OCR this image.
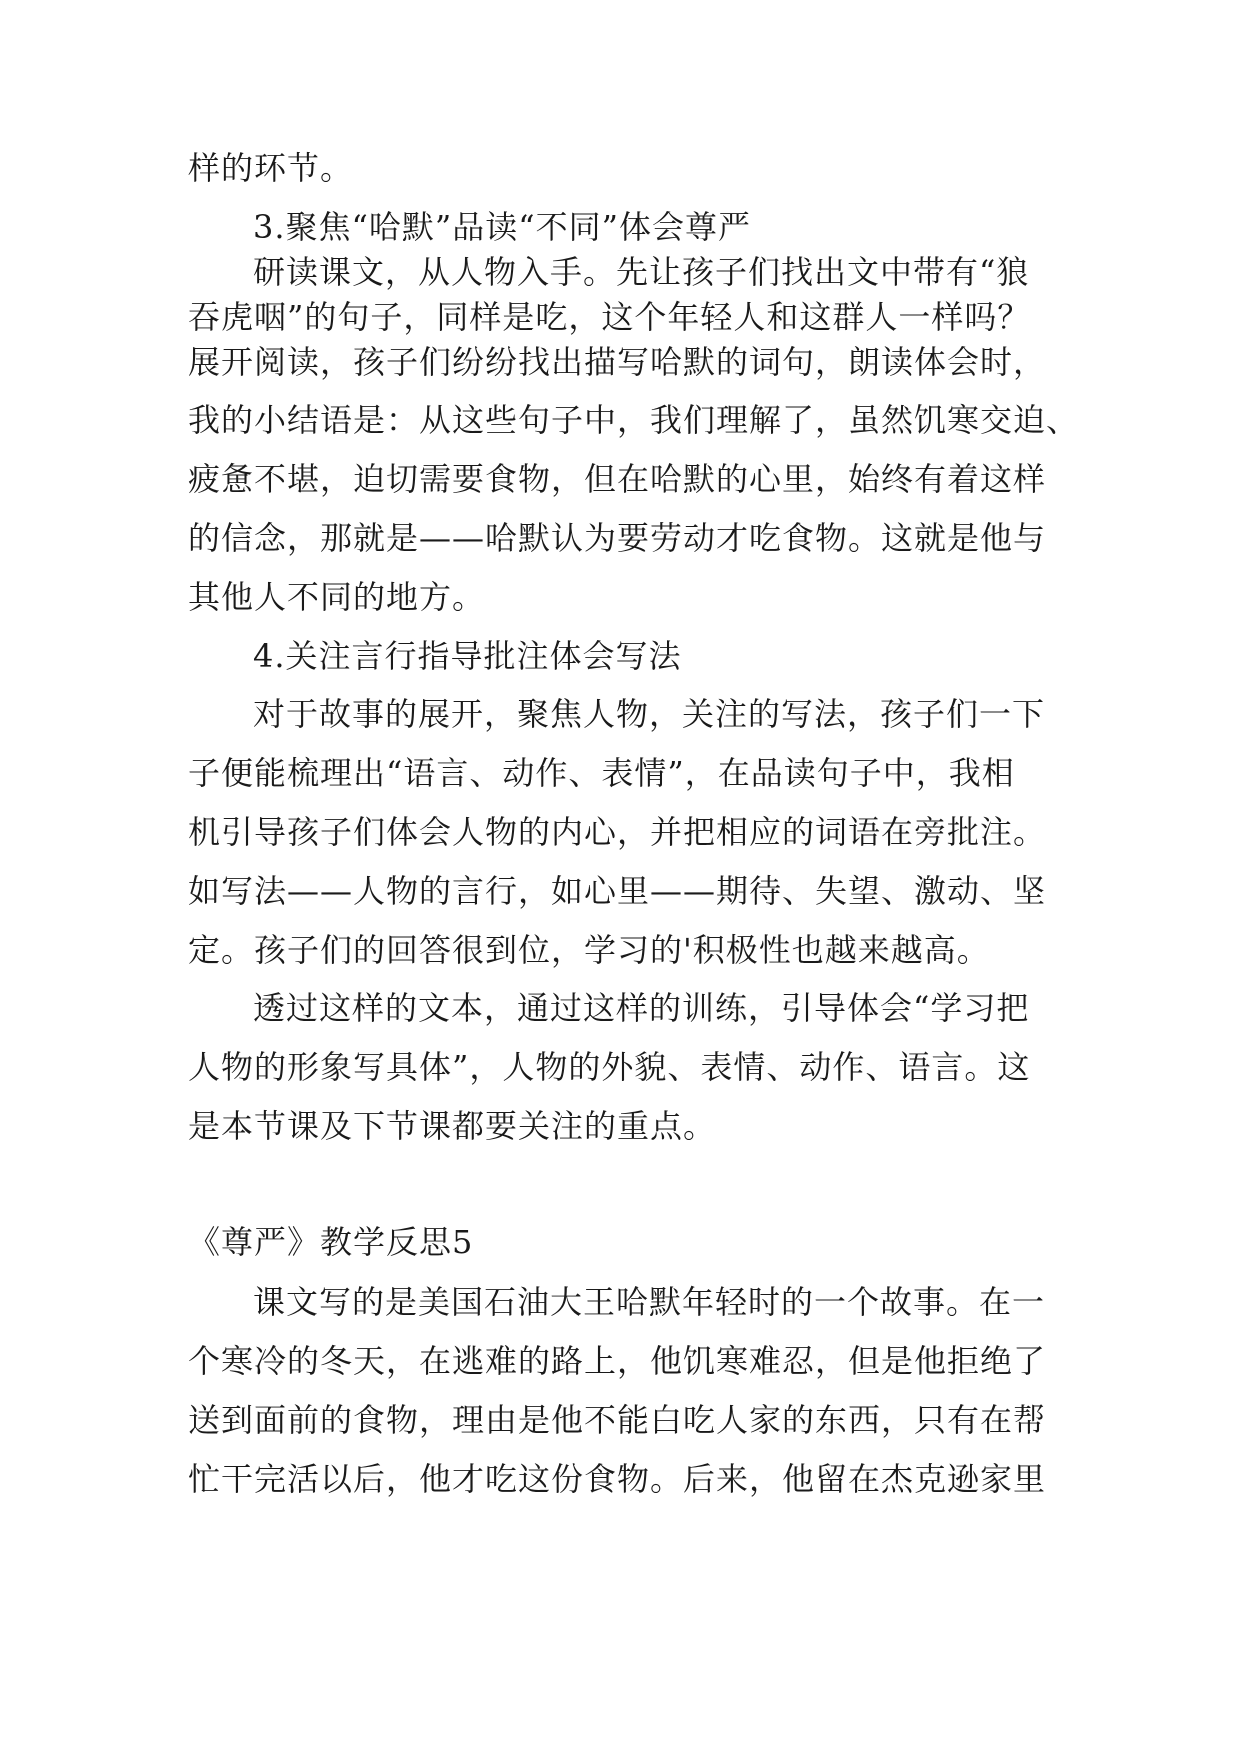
样的环节。
3.聚焦“哈默”品读“不同”体会尊严
研读课文，从人物入手。先让孩子们找出文中带有“狼
吞虎咽”的句子，同样是吃，这个年轻人和这群人一样吗？
展开阅读，孩子们纷纷找出描写哈默的词句，朗读体会时，
我的小结语是：从这些句子中，我们理解了，虽然饥寒交迫、
疲惫不堪，迫切需要食物，但在哈默的心里，始终有着这样
的信念，那就是——哈默认为要劳动才吃食物。这就是他与
其他人不同的地方。
4.关注言行指导批注体会写法
对于故事的展开，聚焦人物，关注的写法，孩子们一下
子便能梳理出“语言、动作、表情”，在品读句子中，我相
机引导孩子们体会人物的内心，并把相应的词语在旁批注。
如写法——人物的言行，如心里——期待、失望、激动、坚
定。孩子们的回答很到位，学习的'积极性也越来越高。
透过这样的文本，通过这样的训练，引导体会“学习把
人物的形象写具体”，人物的外貌、表情、动作、语言。这
是本节课及下节课都要关注的重点。
《尊严》教学反思5
课文写的是美国石油大王哈默年轻时的一个故事。在一
个寒冷的冬天，在逃难的路上，他饥寒难忍，但是他拒绝了
送到面前的食物，理由是他不能白吃人家的东西，只有在帮
忙干完活以后，他才吃这份食物。后来，他留在杰克逊家里
